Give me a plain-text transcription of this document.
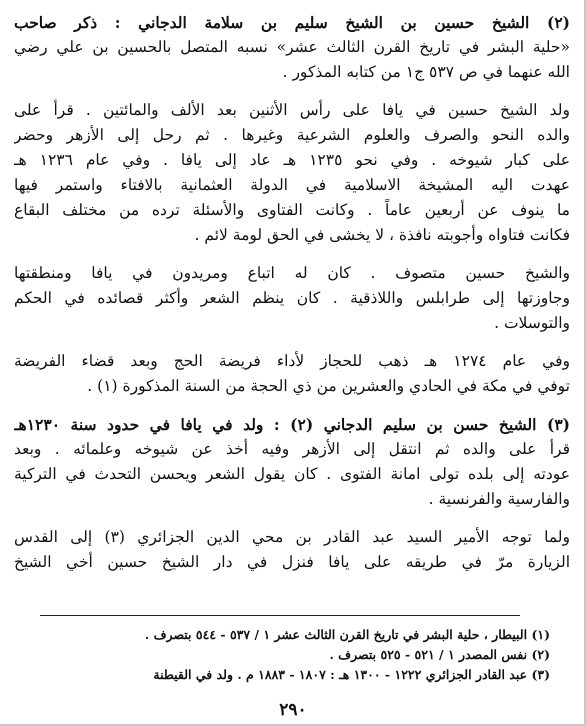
(٢) الشيخ حسين بن الشيخ سليم بن سلامة الدجاني : ذكر صاحب
«حلية البشر في تاريخ القرن الثالث عشر» نسبه المتصل بالحسين بن علي رضي
الله عنهما في ص ٥٣٧ ج١ من كتابه المذكور .
ولد الشيخ حسين في يافا على رأس الأثنين بعد الألف والمائتين . قرأ على
والده النحو والصرف والعلوم الشرعية وغيرها . ثم رحل إلى الأزهر وحضر
على كبار شيوخه . وفي نحو ١٢٣٥ هـ عاد إلى يافا . وفي عام ١٢٣٦ هـ
عهدت اليه المشيخة الاسلامية في الدولة العثمانية بالافتاء واستمر فيها
ما ينوف عن أربعين عاماً . وكانت الفتاوى والأسئلة ترده من مختلف البقاع
فكانت فتاواه وأجوبته نافذة ، لا يخشى في الحق لومة لائم .
والشيخ حسين متصوف . كان له اتباع ومريدون في يافا ومنطقتها
وجاوزتها إلى طرابلس واللاذقية . كان ينظم الشعر وأكثر قصائده في الحكم
والتوسلات .
وفي عام ١٢٧٤ هـ ذهب للحجاز لأداء فريضة الحج وبعد قضاء الفريضة
توفي في مكة في الحادي والعشرين من ذي الحجة من السنة المذكورة (١) .
(٣) الشيخ حسن بن سليم الدجاني (٢) : ولد في يافا في حدود سنة ١٢٣٠هـ
قرأ على والده ثم انتقل إلى الأزهر وفيه أخذ عن شيوخه وعلمائه . وبعد
عودته إلى بلده تولى امانة الفتوى . كان يقول الشعر ويحسن التحدث في التركية
والفارسية والفرنسية .
ولما توجه الأمير السيد عبد القادر بن محي الدين الجزائري (٣) إلى القدس
الزيارة مرّ في طريقه على يافا فنزل في دار الشيخ حسين أخي الشيخ
(١) البيطار ، حلية البشر في تاريخ القرن الثالث عشر ١ / ٥٣٧ - ٥٤٤ بتصرف .
(٢) نفس المصدر ١ / ٥٢١ - ٥٢٥ بتصرف .
(٣) عبد القادر الجزائري ١٢٢٢ - ١٣٠٠ هـ : ١٨٠٧ - ١٨٨٣ م . ولد في القيطنة
٢٩٠
